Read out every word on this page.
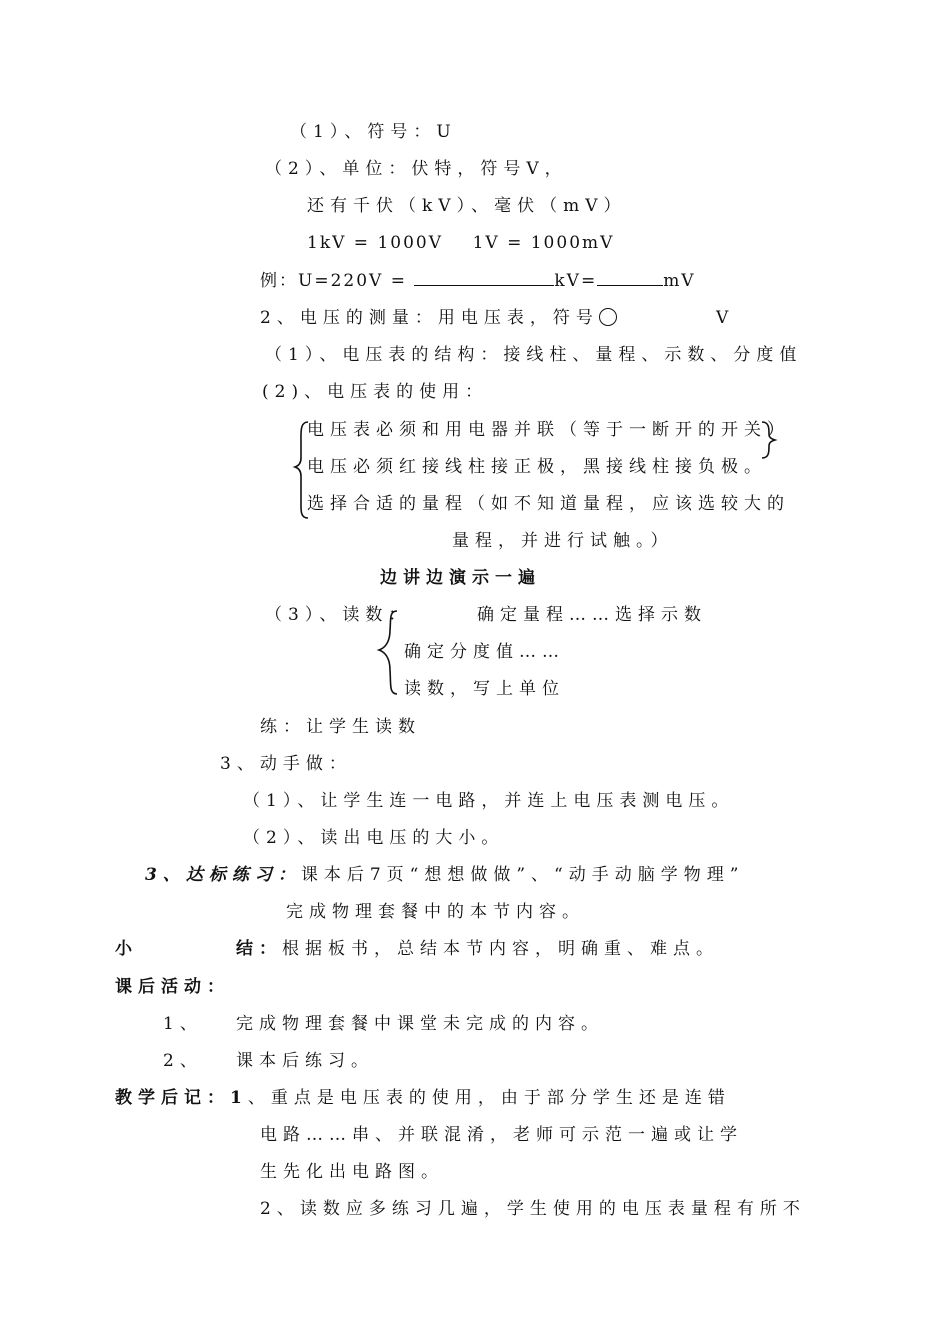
（1）、符号：U
（2）、单位：伏特，符号V，
还有千伏（kV）、毫伏（mV）
1kV = 1000V    1V = 1000mV
例：U=220V =	kV=	mV
2、电压的测量：用电压表，符号	V
（1）、电压表的结构：接线柱、量程、示数、分度值
(2)、电压表的使用：
电压表必须和用电器并联（等于一断开的开关）
电压必须红接线柱接正极，黑接线柱接负极。
选择合适的量程（如不知道量程，应该选较大的
量程，并进行试触。）
边讲边演示一遍
（3）、读数：	确定量程……选择示数
确定分度值……
读数，写上单位
练：让学生读数
3、动手做：
（1）、让学生连一电路，并连上电压表测电压。
（2）、读出电压的大小。
3、达标练习：课本后7页“想想做做”、“动手动脑学物理”
完成物理套餐中的本节内容。
小	结：根据板书，总结本节内容，明确重、难点。
课后活动：
1、 完成物理套餐中课堂未完成的内容。
2、 课本后练习。
教学后记：1、重点是电压表的使用，由于部分学生还是连错
电路……串、并联混淆，老师可示范一遍或让学
生先化出电路图。
2、读数应多练习几遍，学生使用的电压表量程有所不
